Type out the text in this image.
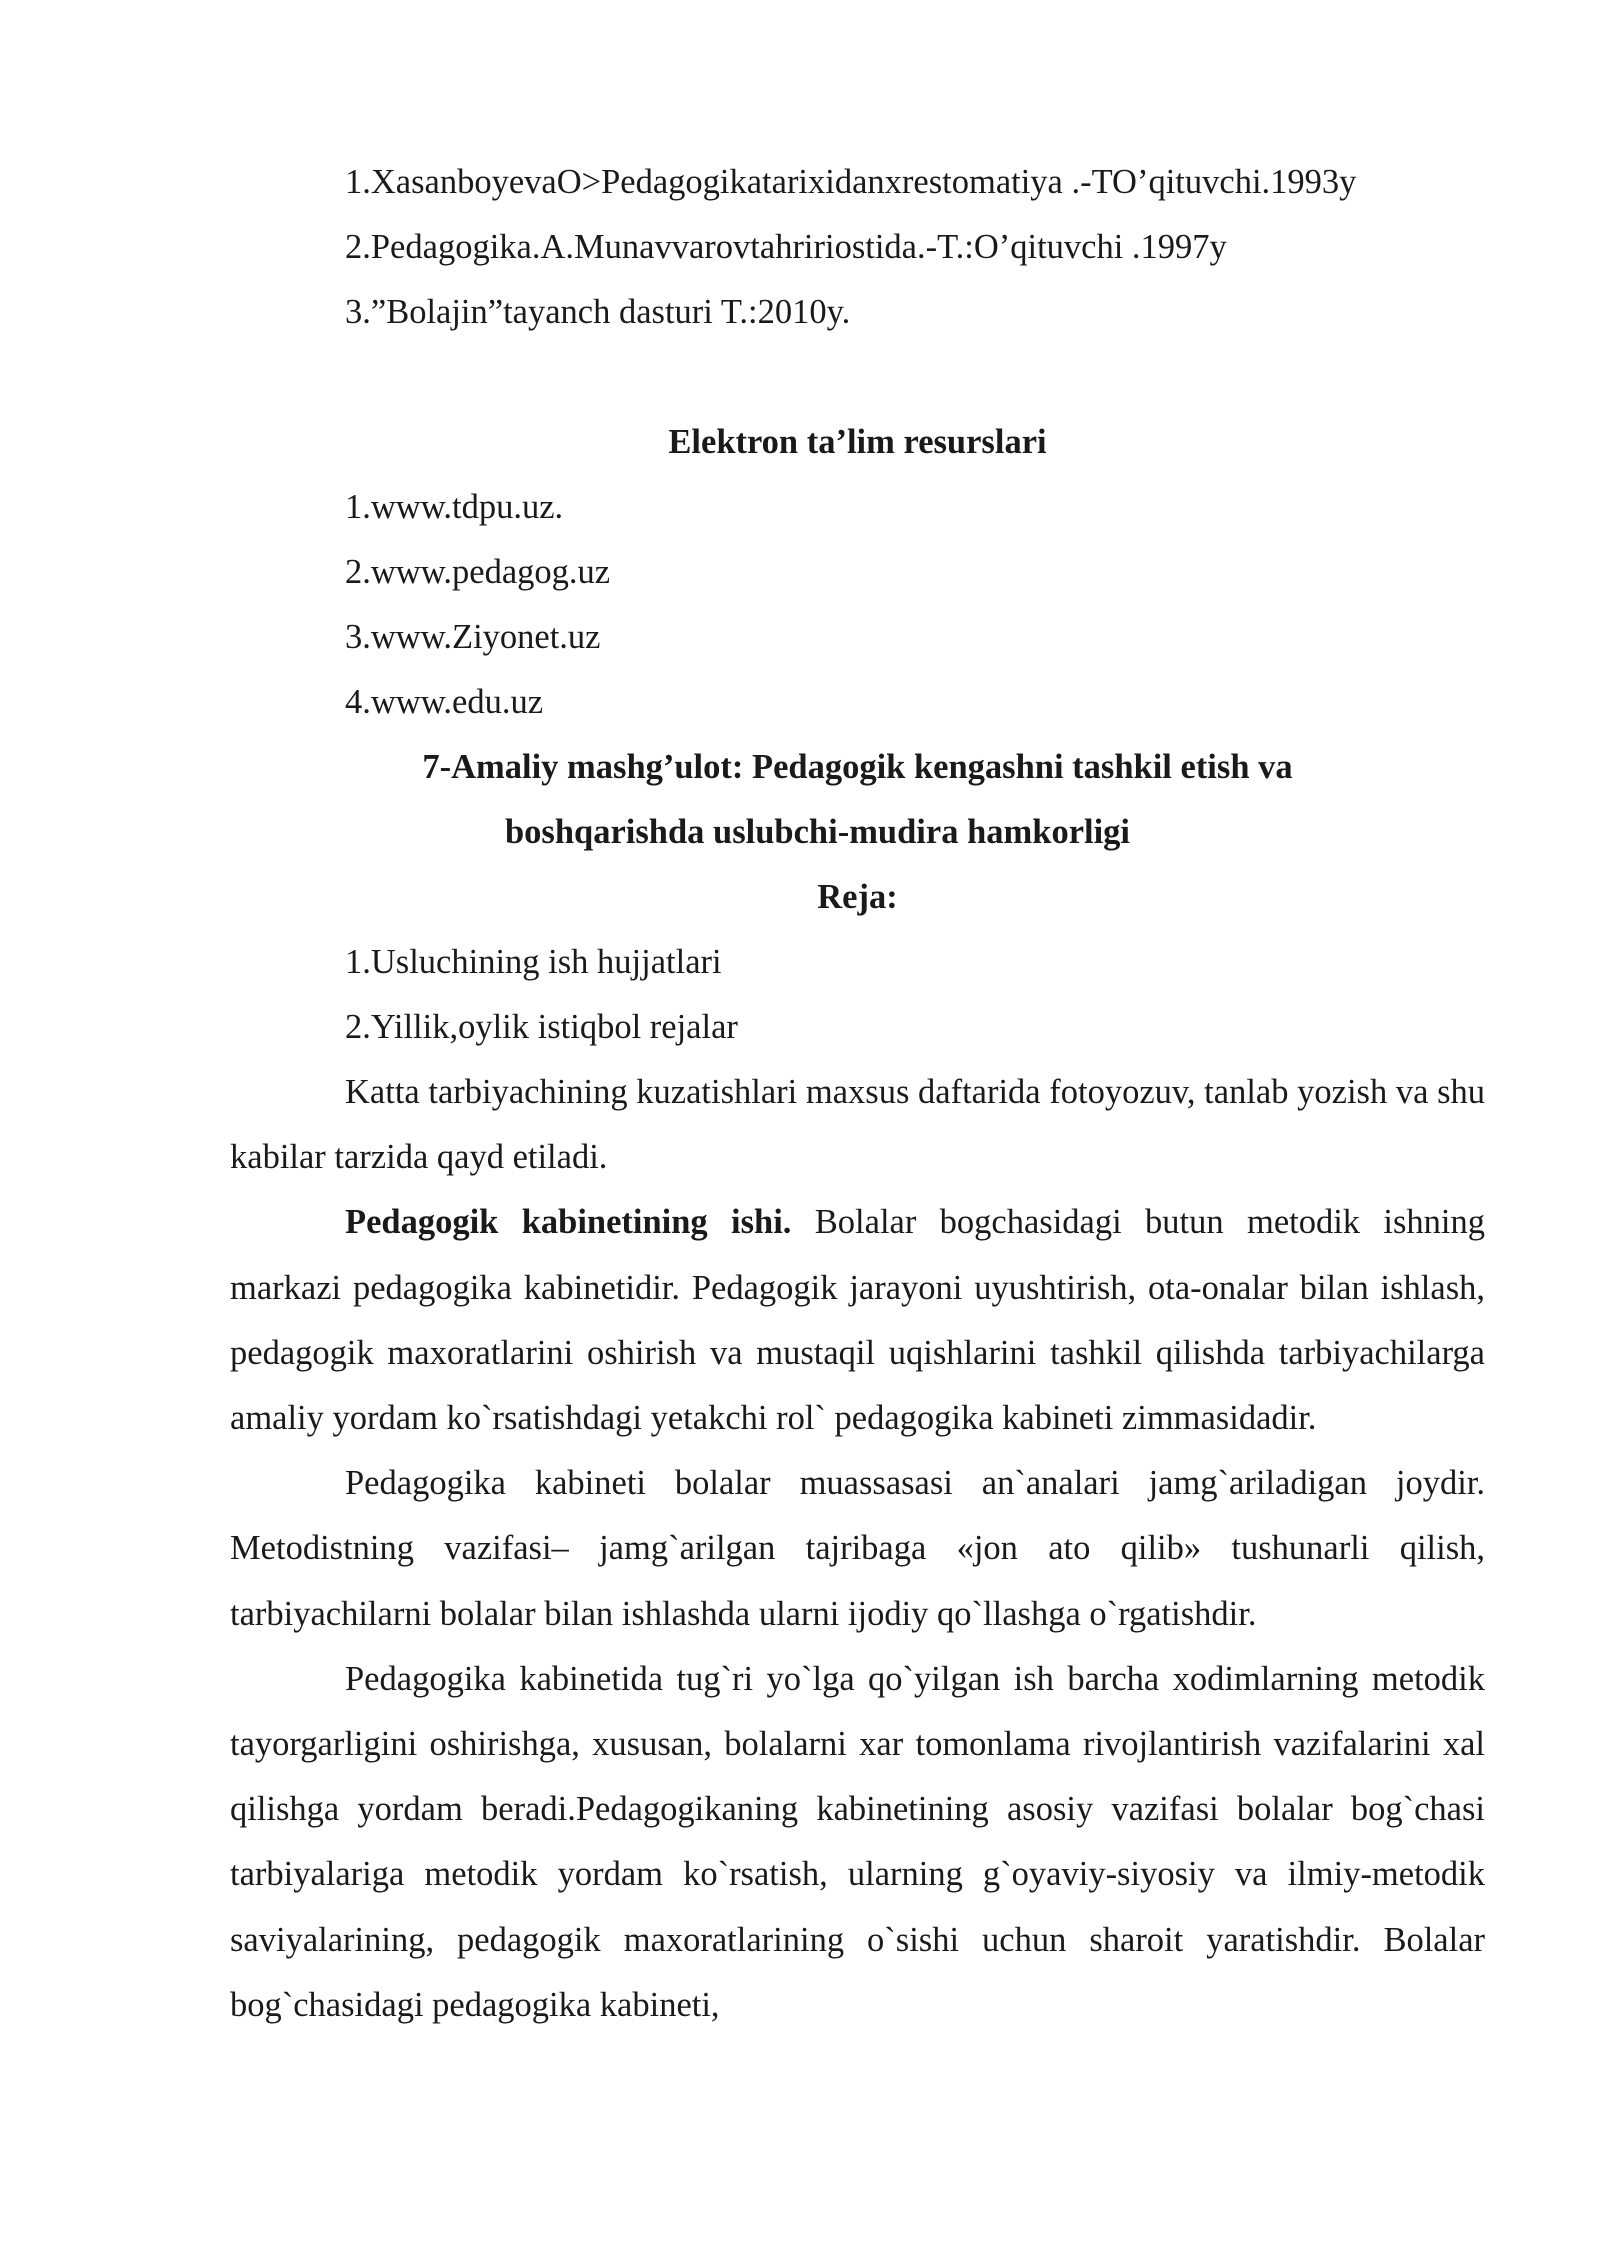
1.XasanboyevaO>Pedagogikatarixidanxrestomatiya .-TO’qituvchi.1993y
2.Pedagogika.A.Munavvarovtahririostida.-T.:O’qituvchi .1997y
3.”Bolajin”tayanch dasturi T.:2010y.
Elektron ta’lim resurslari
1.www.tdpu.uz.
2.www.pedagog.uz
3.www.Ziyonet.uz
4.www.edu.uz
7-Amaliy mashg’ulot: Pedagogik kengashni tashkil etish va
boshqarishda uslubchi-mudira hamkorligi
Reja:
1.Usluchining ish hujjatlari
2.Yillik,oylik istiqbol rejalar

Katta tarbiyachining kuzatishlari maxsus daftarida fotoyozuv, tanlab yozish va shu kabilar tarzida qayd etiladi.

Pedagogik kabinetining ishi. Bolalar bogchasidagi butun metodik ishning markazi pedagogika kabinetidir. Pedagogik jarayoni uyushtirish, ota-onalar bilan ishlash, pedagogik maxoratlarini oshirish va mustaqil uqishlarini tashkil qilishda tarbiyachilarga amaliy yordam ko`rsatishdagi yetakchi rol` pedagogika kabineti zimmasidadir.

Pedagogika kabineti bolalar muassasasi an`analari jamg`ariladigan joydir. Metodistning vazifasi– jamg`arilgan tajribaga «jon ato qilib» tushunarli qilish, tarbiyachilarni bolalar bilan ishlashda ularni ijodiy qo`llashga o`rgatishdir.

Pedagogika kabinetida tug`ri yo`lga qo`yilgan ish barcha xodimlarning metodik tayorgarligini oshirishga, xususan, bolalarni xar tomonlama rivojlantirish vazifalarini xal qilishga yordam beradi.Pedagogikaning kabinetining asosiy vazifasi bolalar bog`chasi tarbiyalariga metodik yordam ko`rsatish, ularning g`oyaviy-siyosiy va ilmiy-metodik saviyalarining, pedagogik maxoratlarining o`sishi uchun sharoit yaratishdir. Bolalar bog`chasidagi pedagogika kabineti,
